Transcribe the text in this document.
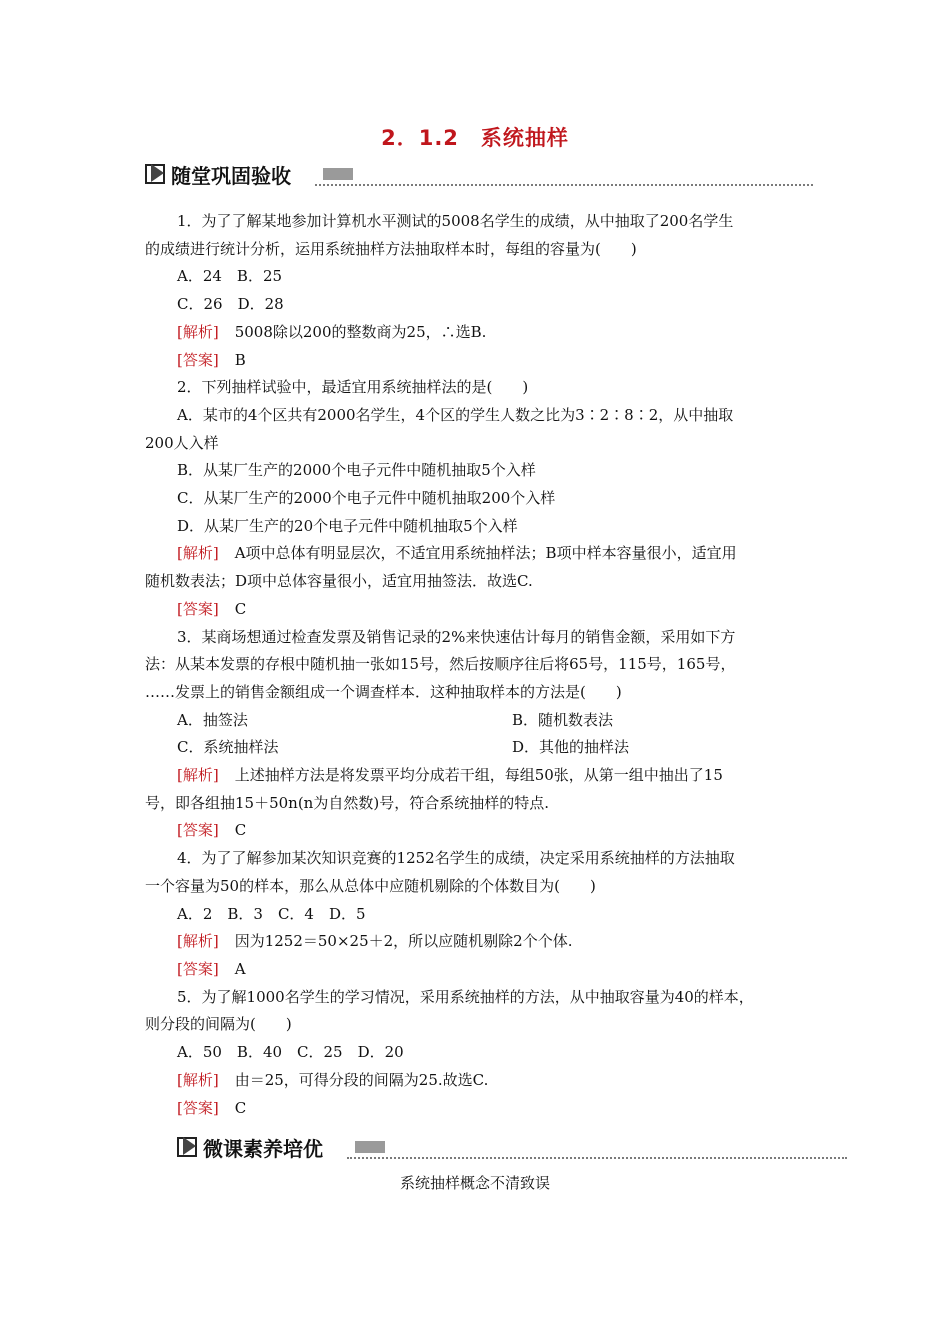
2．1.2　系统抽样
随堂巩固验收
1．为了了解某地参加计算机水平测试的5008名学生的成绩，从中抽取了200名学生
的成绩进行统计分析，运用系统抽样方法抽取样本时，每组的容量为(　　)
A．24　B．25
C．26　D．28
[解析] 5008除以200的整数商为25，∴选B.
[答案] B
2．下列抽样试验中，最适宜用系统抽样法的是(　　)
A．某市的4个区共有2000名学生，4个区的学生人数之比为3∶2∶8∶2，从中抽取
200人入样
B．从某厂生产的2000个电子元件中随机抽取5个入样
C．从某厂生产的2000个电子元件中随机抽取200个入样
D．从某厂生产的20个电子元件中随机抽取5个入样
[解析] A项中总体有明显层次，不适宜用系统抽样法；B项中样本容量很小，适宜用
随机数表法；D项中总体容量很小，适宜用抽签法．故选C.
[答案] C
3．某商场想通过检查发票及销售记录的2%来快速估计每月的销售金额，采用如下方
法：从某本发票的存根中随机抽一张如15号，然后按顺序往后将65号，115号，165号，
……发票上的销售金额组成一个调查样本．这种抽取样本的方法是(　　)
A．抽签法	B．随机数表法
C．系统抽样法	D．其他的抽样法
[解析] 上述抽样方法是将发票平均分成若干组，每组50张，从第一组中抽出了15
号，即各组抽15＋50n(n为自然数)号，符合系统抽样的特点.
[答案] C
4．为了了解参加某次知识竞赛的1252名学生的成绩，决定采用系统抽样的方法抽取
一个容量为50的样本，那么从总体中应随机剔除的个体数目为(　　)
A．2　B．3　C．4　D．5
[解析] 因为1252＝50×25＋2，所以应随机剔除2个个体.
[答案] A
5．为了解1000名学生的学习情况，采用系统抽样的方法，从中抽取容量为40的样本，
则分段的间隔为(　　)
A．50　B．40　C．25　D．20
[解析] 由＝25，可得分段的间隔为25.故选C.
[答案] C
微课素养培优
系统抽样概念不清致误
